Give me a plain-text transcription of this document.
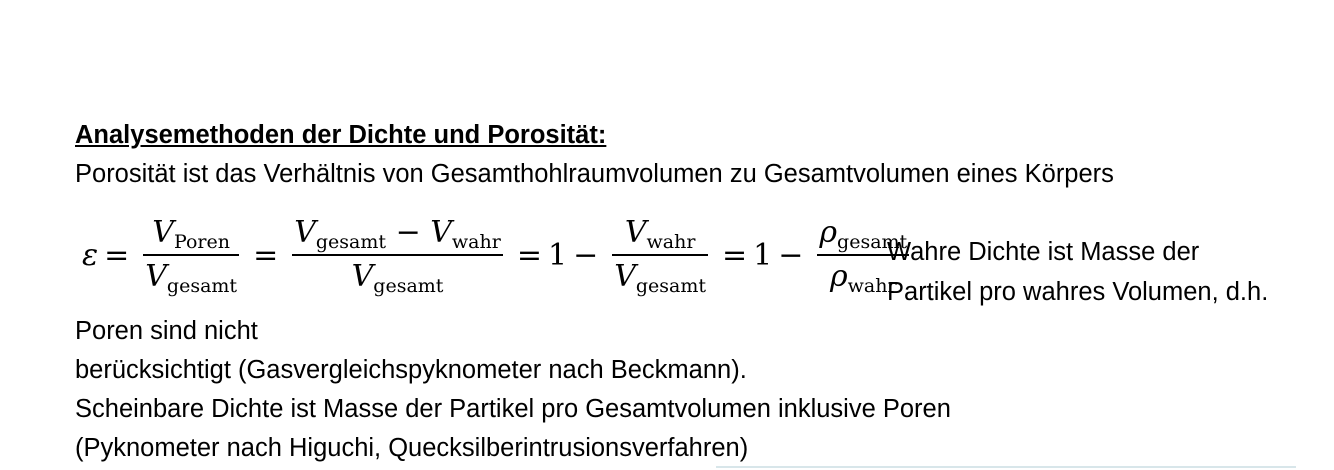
Analysemethoden der Dichte und Porosität:
Porosität ist das Verhältnis von Gesamthohlraumvolumen zu Gesamtvolumen eines Körpers
$\varepsilon = \frac{V_{Poren}}{V_{gesamt}} = \frac{V_{gesamt} - V_{wahr}}{V_{gesamt}} = 1 - \frac{V_{wahr}}{V_{gesamt}} = 1 - \frac{\rho_{gesamt}}{\rho_{wahr}}$
Wahre Dichte ist Masse der
Partikel pro wahres Volumen, d.h.
Poren sind nicht
berücksichtigt (Gasvergleichspyknometer nach Beckmann).
Scheinbare Dichte ist Masse der Partikel pro Gesamtvolumen inklusive Poren
(Pyknometer nach Higuchi, Quecksilberintrusionsverfahren)
